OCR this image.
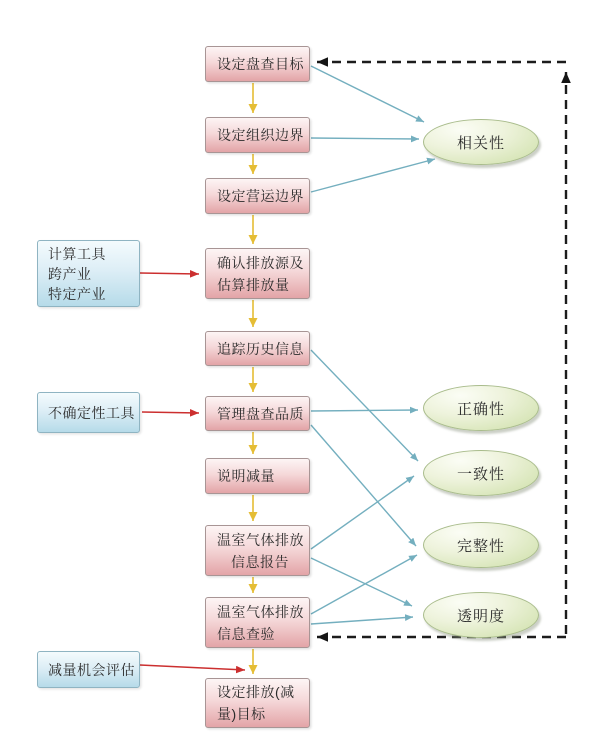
设定盘查目标
设定组织边界
设定营运边界
确认排放源及
估算排放量
追踪历史信息
管理盘查品质
说明减量
温室气体排放
信息报告
温室气体排放
信息查验
设定排放(减
量)目标
计算工具
跨产业
特定产业
不确定性工具
减量机会评估
相关性
正确性
一致性
完整性
透明度
